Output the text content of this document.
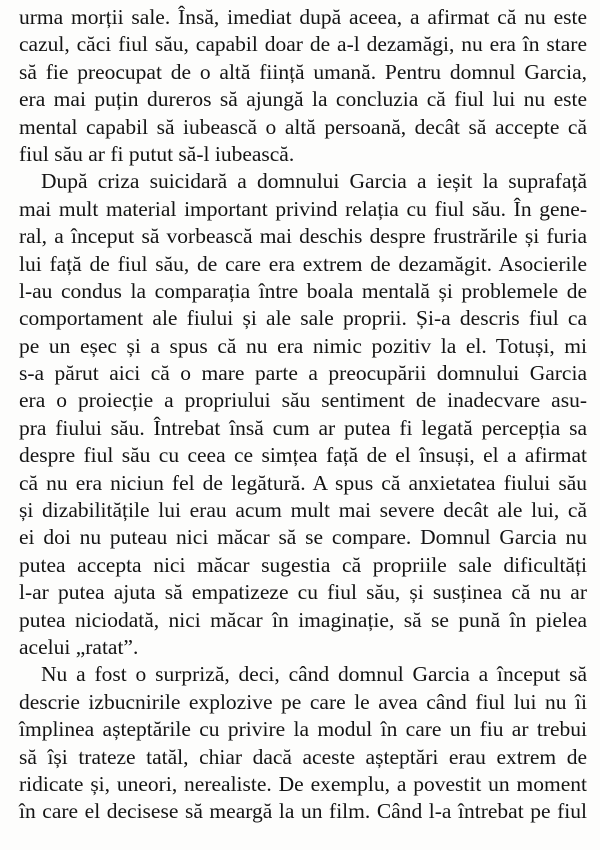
urma morții sale. Însă, imediat după aceea, a afirmat că nu este
cazul, căci fiul său, capabil doar de a-l dezamăgi, nu era în stare
să fie preocupat de o altă ființă umană. Pentru domnul Garcia,
era mai puțin dureros să ajungă la concluzia că fiul lui nu este
mental capabil să iubească o altă persoană, decât să accepte că
fiul său ar fi putut să-l iubească.
După criza suicidară a domnului Garcia a ieșit la suprafață
mai mult material important privind relația cu fiul său. În gene-
ral, a început să vorbească mai deschis despre frustrările și furia
lui față de fiul său, de care era extrem de dezamăgit. Asocierile
l-au condus la comparația între boala mentală și problemele de
comportament ale fiului și ale sale proprii. Și-a descris fiul ca
pe un eșec și a spus că nu era nimic pozitiv la el. Totuși, mi
s-a părut aici că o mare parte a preocupării domnului Garcia
era o proiecție a propriului său sentiment de inadecvare asu-
pra fiului său. Întrebat însă cum ar putea fi legată percepția sa
despre fiul său cu ceea ce simțea față de el însuși, el a afirmat
că nu era niciun fel de legătură. A spus că anxietatea fiului său
și dizabilitățile lui erau acum mult mai severe decât ale lui, că
ei doi nu puteau nici măcar să se compare. Domnul Garcia nu
putea accepta nici măcar sugestia că propriile sale dificultăți
l-ar putea ajuta să empatizeze cu fiul său, și susținea că nu ar
putea niciodată, nici măcar în imaginație, să se pună în pielea
acelui „ratat”.
Nu a fost o surpriză, deci, când domnul Garcia a început să
descrie izbucnirile explozive pe care le avea când fiul lui nu îi
împlinea așteptările cu privire la modul în care un fiu ar trebui
să își trateze tatăl, chiar dacă aceste așteptări erau extrem de
ridicate și, uneori, nerealiste. De exemplu, a povestit un moment
în care el decisese să meargă la un film. Când l-a întrebat pe fiul
